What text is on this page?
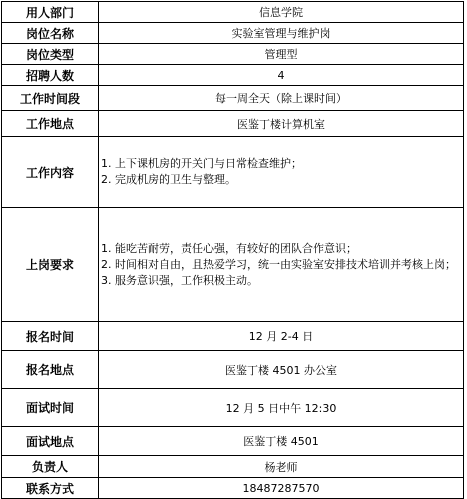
用人部门	信息学院
岗位名称	实验室管理与维护岗
岗位类型	管理型
招聘人数	4
工作时间段	每一周全天（除上课时间）
工作地点	医鉴丁楼计算机室
工作内容	1. 上下课机房的开关门与日常检查维护；
2. 完成机房的卫生与整理。

上岗要求	1. 能吃苦耐劳，责任心强，有较好的团队合作意识；
2. 时间相对自由，且热爱学习，统一由实验室安排技术培训并考核上岗；
3. 服务意识强，工作积极主动。

报名时间	12 月 2-4 日
报名地点	医鉴丁楼 4501 办公室
面试时间	12 月 5 日中午 12:30
面试地点	医鉴丁楼 4501
负责人	杨老师
联系方式	18487287570
